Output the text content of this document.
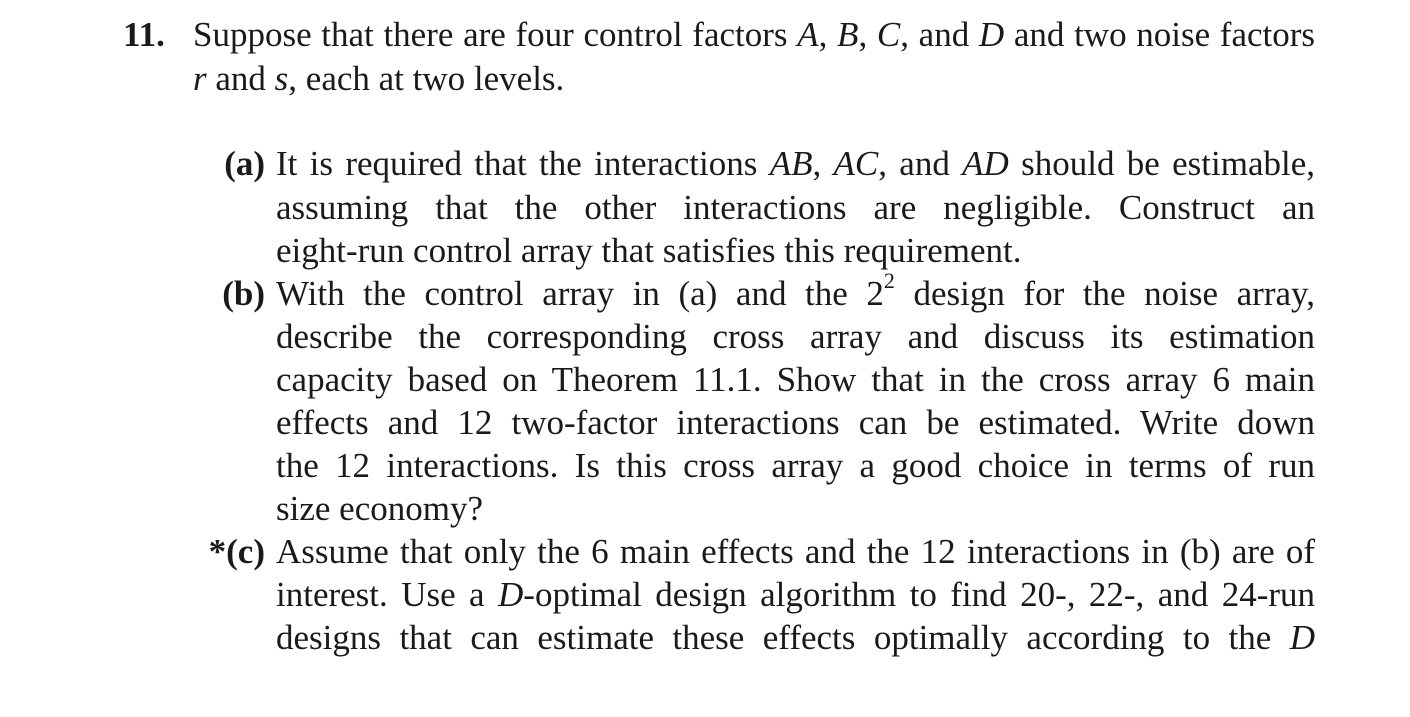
11. Suppose that there are four control factors A, B, C, and D and two noise factors
r and s, each at two levels.
(a) It is required that the interactions AB, AC, and AD should be estimable,
assuming that the other interactions are negligible. Construct an
eight-run control array that satisfies this requirement.
(b) With the control array in (a) and the $2^2$ design for the noise array,
describe the corresponding cross array and discuss its estimation
capacity based on Theorem 11.1. Show that in the cross array 6 main
effects and 12 two-factor interactions can be estimated. Write down
the 12 interactions. Is this cross array a good choice in terms of run
size economy?
*(c) Assume that only the 6 main effects and the 12 interactions in (b) are of
interest. Use a D-optimal design algorithm to find 20-, 22-, and 24-run
designs that can estimate these effects optimally according to the D
